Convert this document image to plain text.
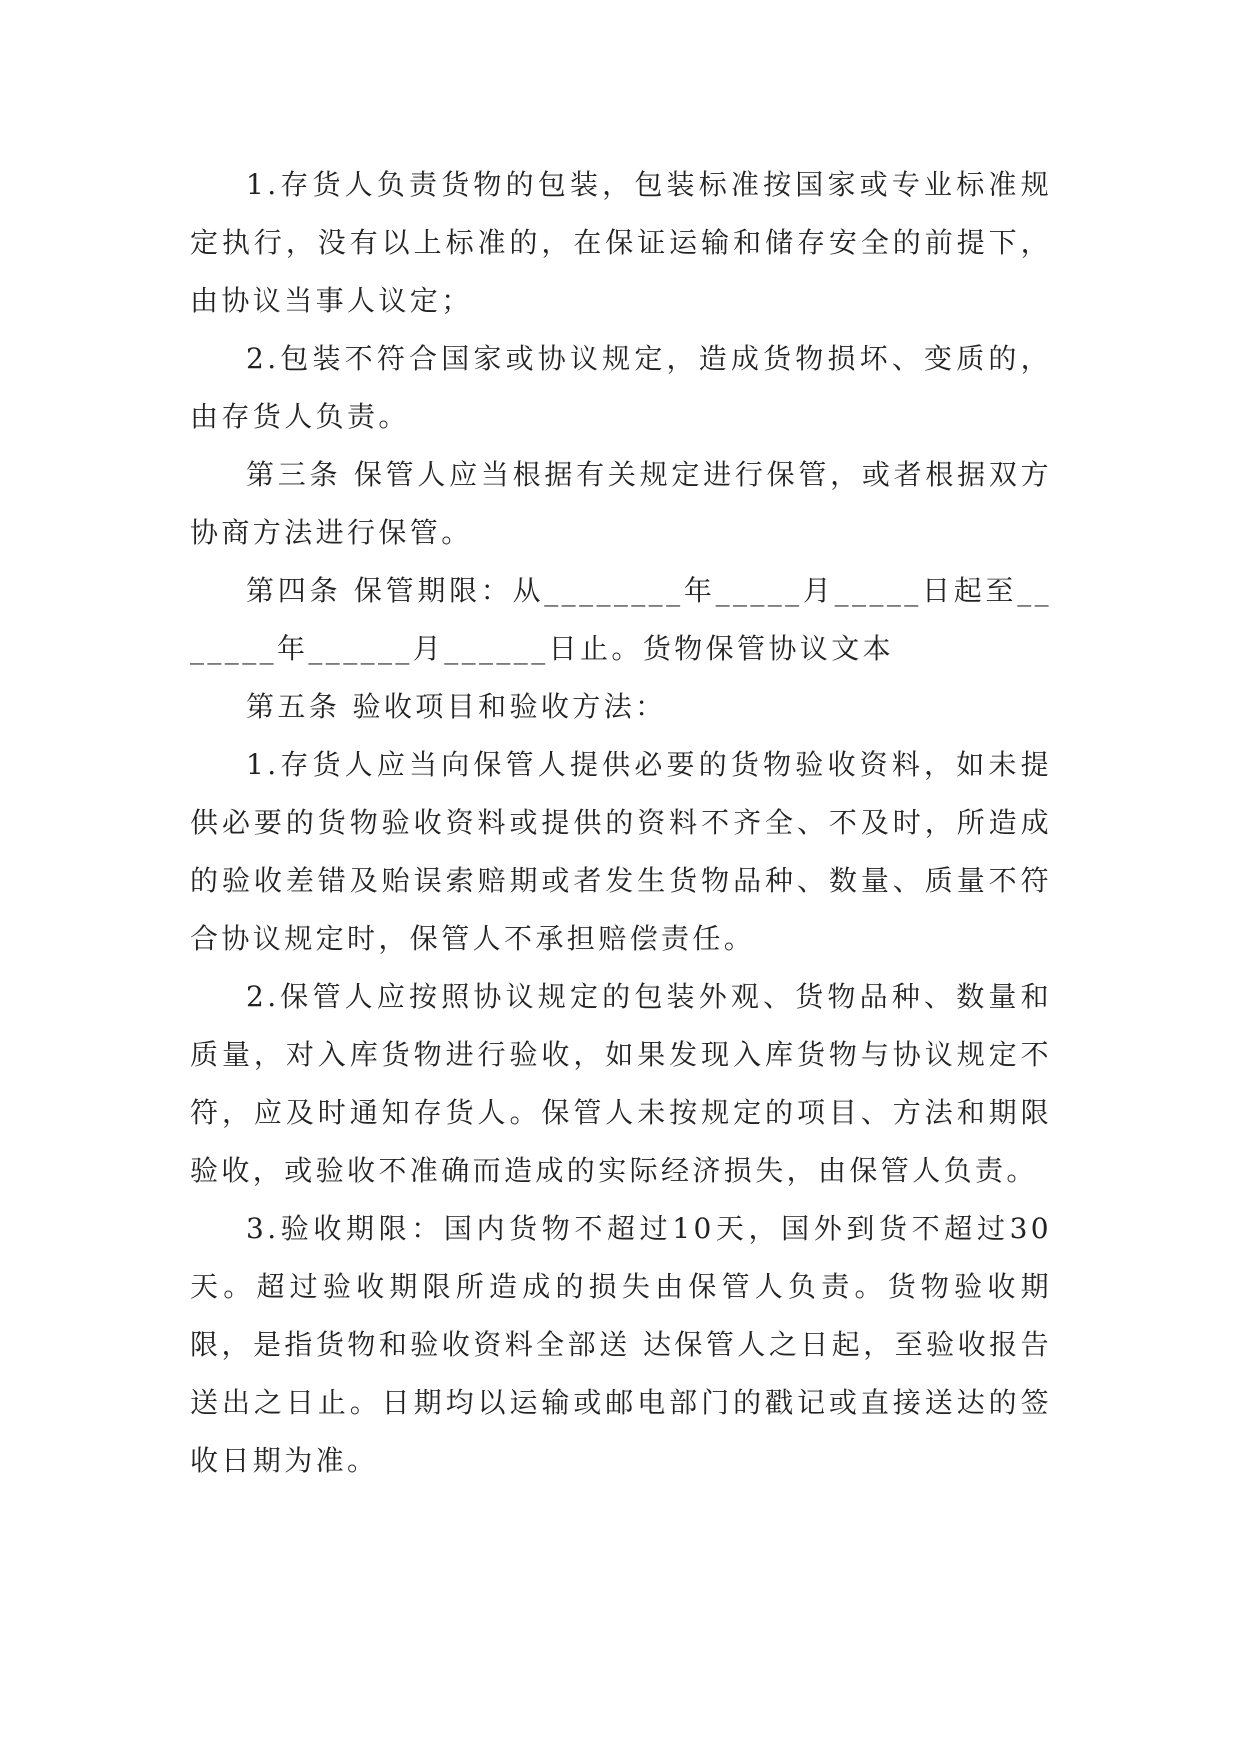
1.存货人负责货物的包装，包装标准按国家或专业标准规定执行，没有以上标准的，在保证运输和储存安全的前提下，由协议当事人议定；

2.包装不符合国家或协议规定，造成货物损坏、变质的，由存货人负责。

第三条 保管人应当根据有关规定进行保管，或者根据双方协商方法进行保管。

第四条 保管期限：从________年_____月_____日起至_______年______月______日止。货物保管协议文本

第五条 验收项目和验收方法：

1.存货人应当向保管人提供必要的货物验收资料，如未提供必要的货物验收资料或提供的资料不齐全、不及时，所造成的验收差错及贻误索赔期或者发生货物品种、数量、质量不符合协议规定时，保管人不承担赔偿责任。

2.保管人应按照协议规定的包装外观、货物品种、数量和质量，对入库货物进行验收，如果发现入库货物与协议规定不符，应及时通知存货人。保管人未按规定的项目、方法和期限验收，或验收不准确而造成的实际经济损失，由保管人负责。

3.验收期限：国内货物不超过10天，国外到货不超过30天。超过验收期限所造成的损失由保管人负责。货物验收期限，是指货物和验收资料全部送 达保管人之日起，至验收报告送出之日止。日期均以运输或邮电部门的戳记或直接送达的签收日期为准。
